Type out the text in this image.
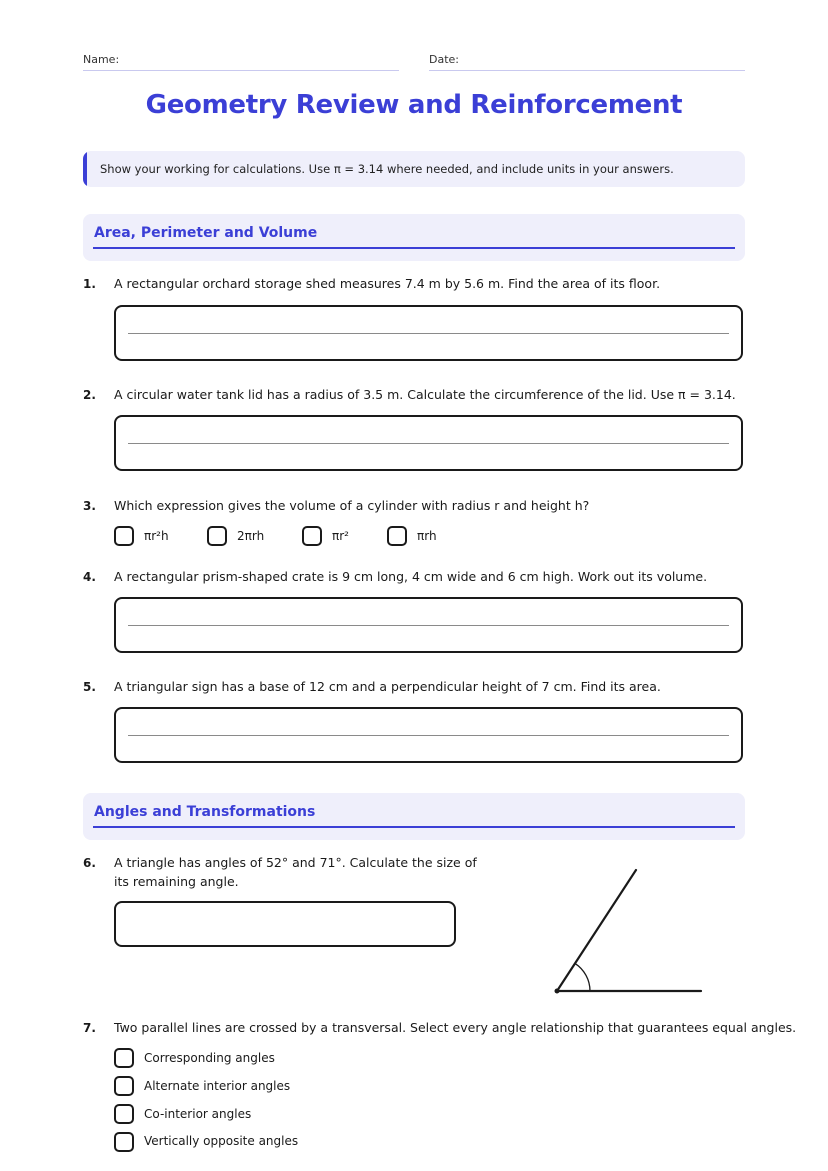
Name:	Date:
Geometry Review and Reinforcement
Show your working for calculations. Use π = 3.14 where needed, and include units in your answers.
Area, Perimeter and Volume
1. A rectangular orchard storage shed measures 7.4 m by 5.6 m. Find the area of its floor.
2. A circular water tank lid has a radius of 3.5 m. Calculate the circumference of the lid. Use π = 3.14.
3. Which expression gives the volume of a cylinder with radius r and height h?
πr²h	2πrh	πr²	πrh
4. A rectangular prism-shaped crate is 9 cm long, 4 cm wide and 6 cm high. Work out its volume.
5. A triangular sign has a base of 12 cm and a perpendicular height of 7 cm. Find its area.
Angles and Transformations
6. A triangle has angles of 52° and 71°. Calculate the size of
its remaining angle.
7. Two parallel lines are crossed by a transversal. Select every angle relationship that guarantees equal angles.
Corresponding angles
Alternate interior angles
Co-interior angles
Vertically opposite angles
